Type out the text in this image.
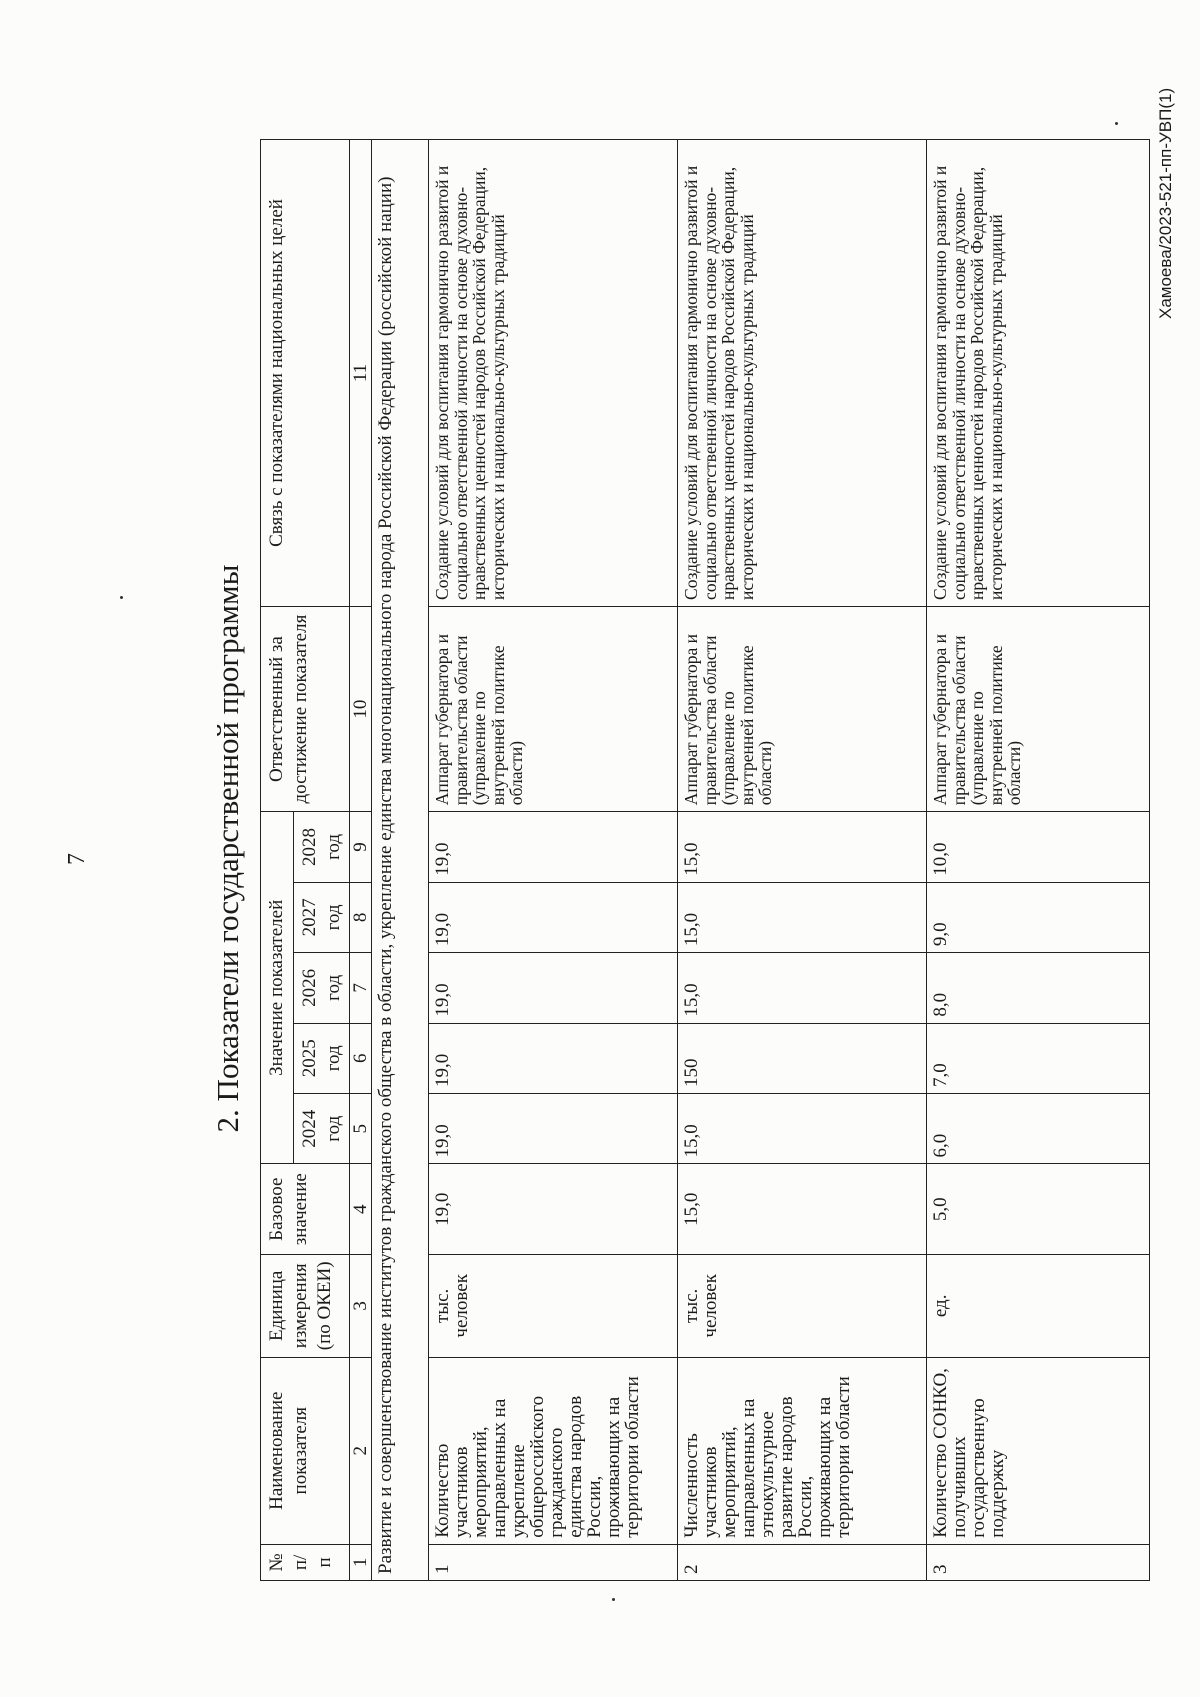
7	2. Показатели государственной программы
№ п/п	Наименование показателя	Единица измерения (по ОКЕИ)	Базовое значение	Значение показателей					Ответственный за достижение показателя	Связь с показателями национальных целей
				2024 год	2025 год	2026 год	2027 год	2028 год		
1	2	3	4	5	6	7	8	9	10	11
Развитие и совершенствование институтов гражданского общества в области, укрепление единства многонационального народа Российской Федерации (российской нации)										
1	Количество участников мероприятий, направленных на укрепление общероссийского гражданского единства народов России, проживающих на территории области	тыс. человек	19,0	19,0	19,0	19,0	19,0	19,0	Аппарат губернатора и правительства области (управление по внутренней политике области)	Создание условий для воспитания гармонично развитой и социально ответственной личности на основе духовно-нравственных ценностей народов Российской Федерации, исторических и национально-культурных традиций
2	Численность участников мероприятий, направленных на этнокультурное развитие народов России, проживающих на территории области	тыс. человек	15,0	15,0	150	15,0	15,0	15,0	Аппарат губернатора и правительства области (управление по внутренней политике области)	Создание условий для воспитания гармонично развитой и социально ответственной личности на основе духовно-нравственных ценностей народов Российской Федерации, исторических и национально-культурных традиций
3	Количество СОНКО, получивших государственную поддержку	ед.	5,0	6,0	7,0	8,0	9,0	10,0	Аппарат губернатора и правительства области (управление по внутренней политике области)	Создание условий для воспитания гармонично развитой и социально ответственной личности на основе духовно-нравственных ценностей народов Российской Федерации, исторических и национально-культурных традиций
Хамоева/2023-521-пп-УВП(1)
